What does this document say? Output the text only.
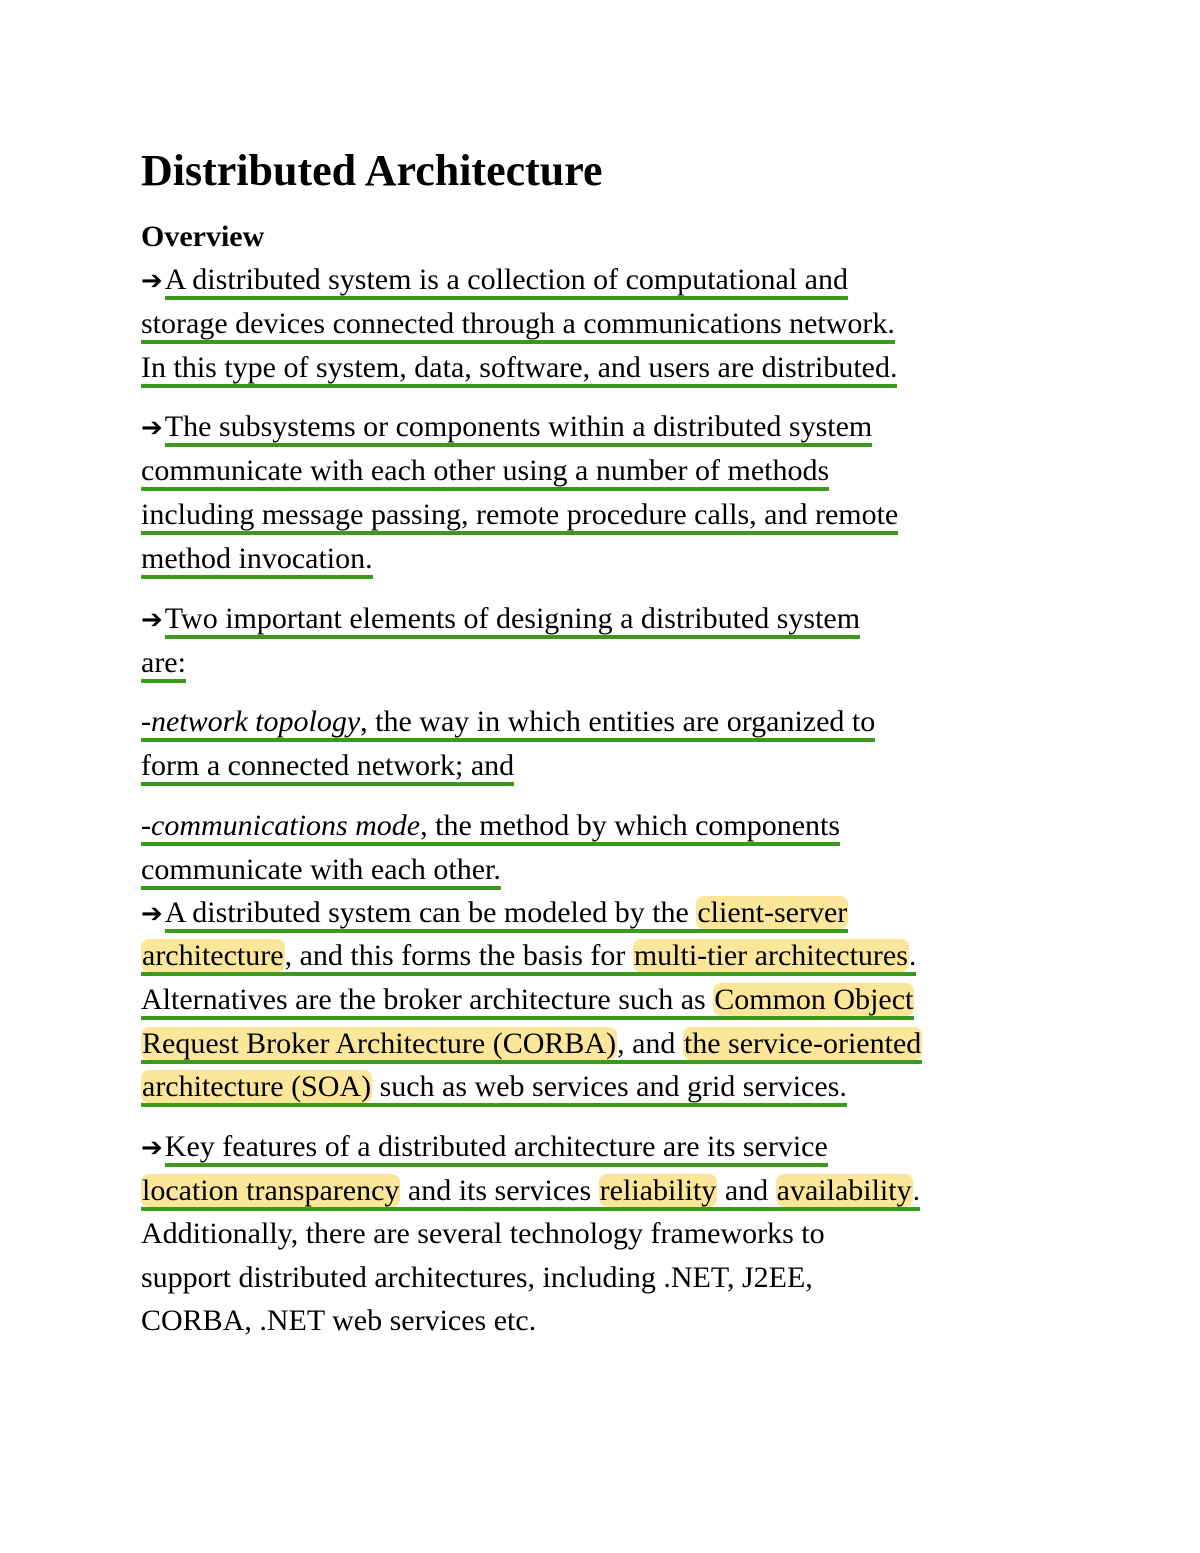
Distributed Architecture
Overview

➔A distributed system is a collection of computational and

storage devices connected through a communications network.

In this type of system, data, software, and users are distributed.

➔The subsystems or components within a distributed system

communicate with each other using a number of methods

including message passing, remote procedure calls, and remote

method invocation.

➔Two important elements of designing a distributed system

are:

-network topology, the way in which entities are organized to

form a connected network; and

-communications mode, the method by which components

communicate with each other.

➔A distributed system can be modeled by the client-server

architecture, and this forms the basis for multi-tier architectures.

Alternatives are the broker architecture such as Common Object

Request Broker Architecture (CORBA), and the service-oriented

architecture (SOA) such as web services and grid services.

➔Key features of a distributed architecture are its service

location transparency and its services reliability and availability.

Additionally, there are several technology frameworks to

support distributed architectures, including .NET, J2EE,

CORBA, .NET web services etc.
